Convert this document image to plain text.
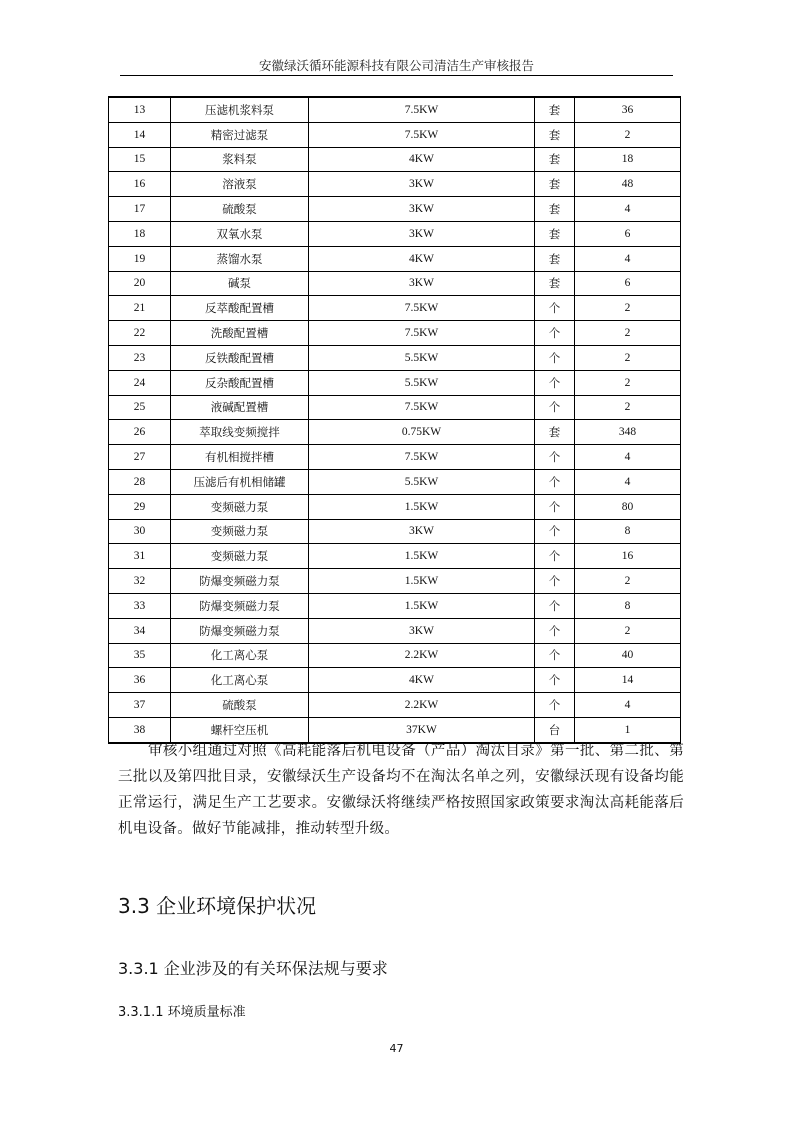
安徽绿沃循环能源科技有限公司清洁生产审核报告
13	压滤机浆料泵	7.5KW	套	36
14	精密过滤泵	7.5KW	套	2
15	浆料泵	4KW	套	18
16	溶液泵	3KW	套	48
17	硫酸泵	3KW	套	4
18	双氧水泵	3KW	套	6
19	蒸馏水泵	4KW	套	4
20	碱泵	3KW	套	6
21	反萃酸配置槽	7.5KW	个	2
22	洗酸配置槽	7.5KW	个	2
23	反铁酸配置槽	5.5KW	个	2
24	反杂酸配置槽	5.5KW	个	2
25	液碱配置槽	7.5KW	个	2
26	萃取线变频搅拌	0.75KW	套	348
27	有机相搅拌槽	7.5KW	个	4
28	压滤后有机相储罐	5.5KW	个	4
29	变频磁力泵	1.5KW	个	80
30	变频磁力泵	3KW	个	8
31	变频磁力泵	1.5KW	个	16
32	防爆变频磁力泵	1.5KW	个	2
33	防爆变频磁力泵	1.5KW	个	8
34	防爆变频磁力泵	3KW	个	2
35	化工离心泵	2.2KW	个	40
36	化工离心泵	4KW	个	14
37	硫酸泵	2.2KW	个	4
38	螺杆空压机	37KW	台	1
审核小组通过对照《高耗能落后机电设备（产品）淘汰目录》第一批、第二批、第三批以及第四批目录，安徽绿沃生产设备均不在淘汰名单之列，安徽绿沃现有设备均能正常运行，满足生产工艺要求。安徽绿沃将继续严格按照国家政策要求淘汰高耗能落后机电设备。做好节能减排，推动转型升级。
3.3 企业环境保护状况
3.3.1 企业涉及的有关环保法规与要求
3.3.1.1 环境质量标准
47
